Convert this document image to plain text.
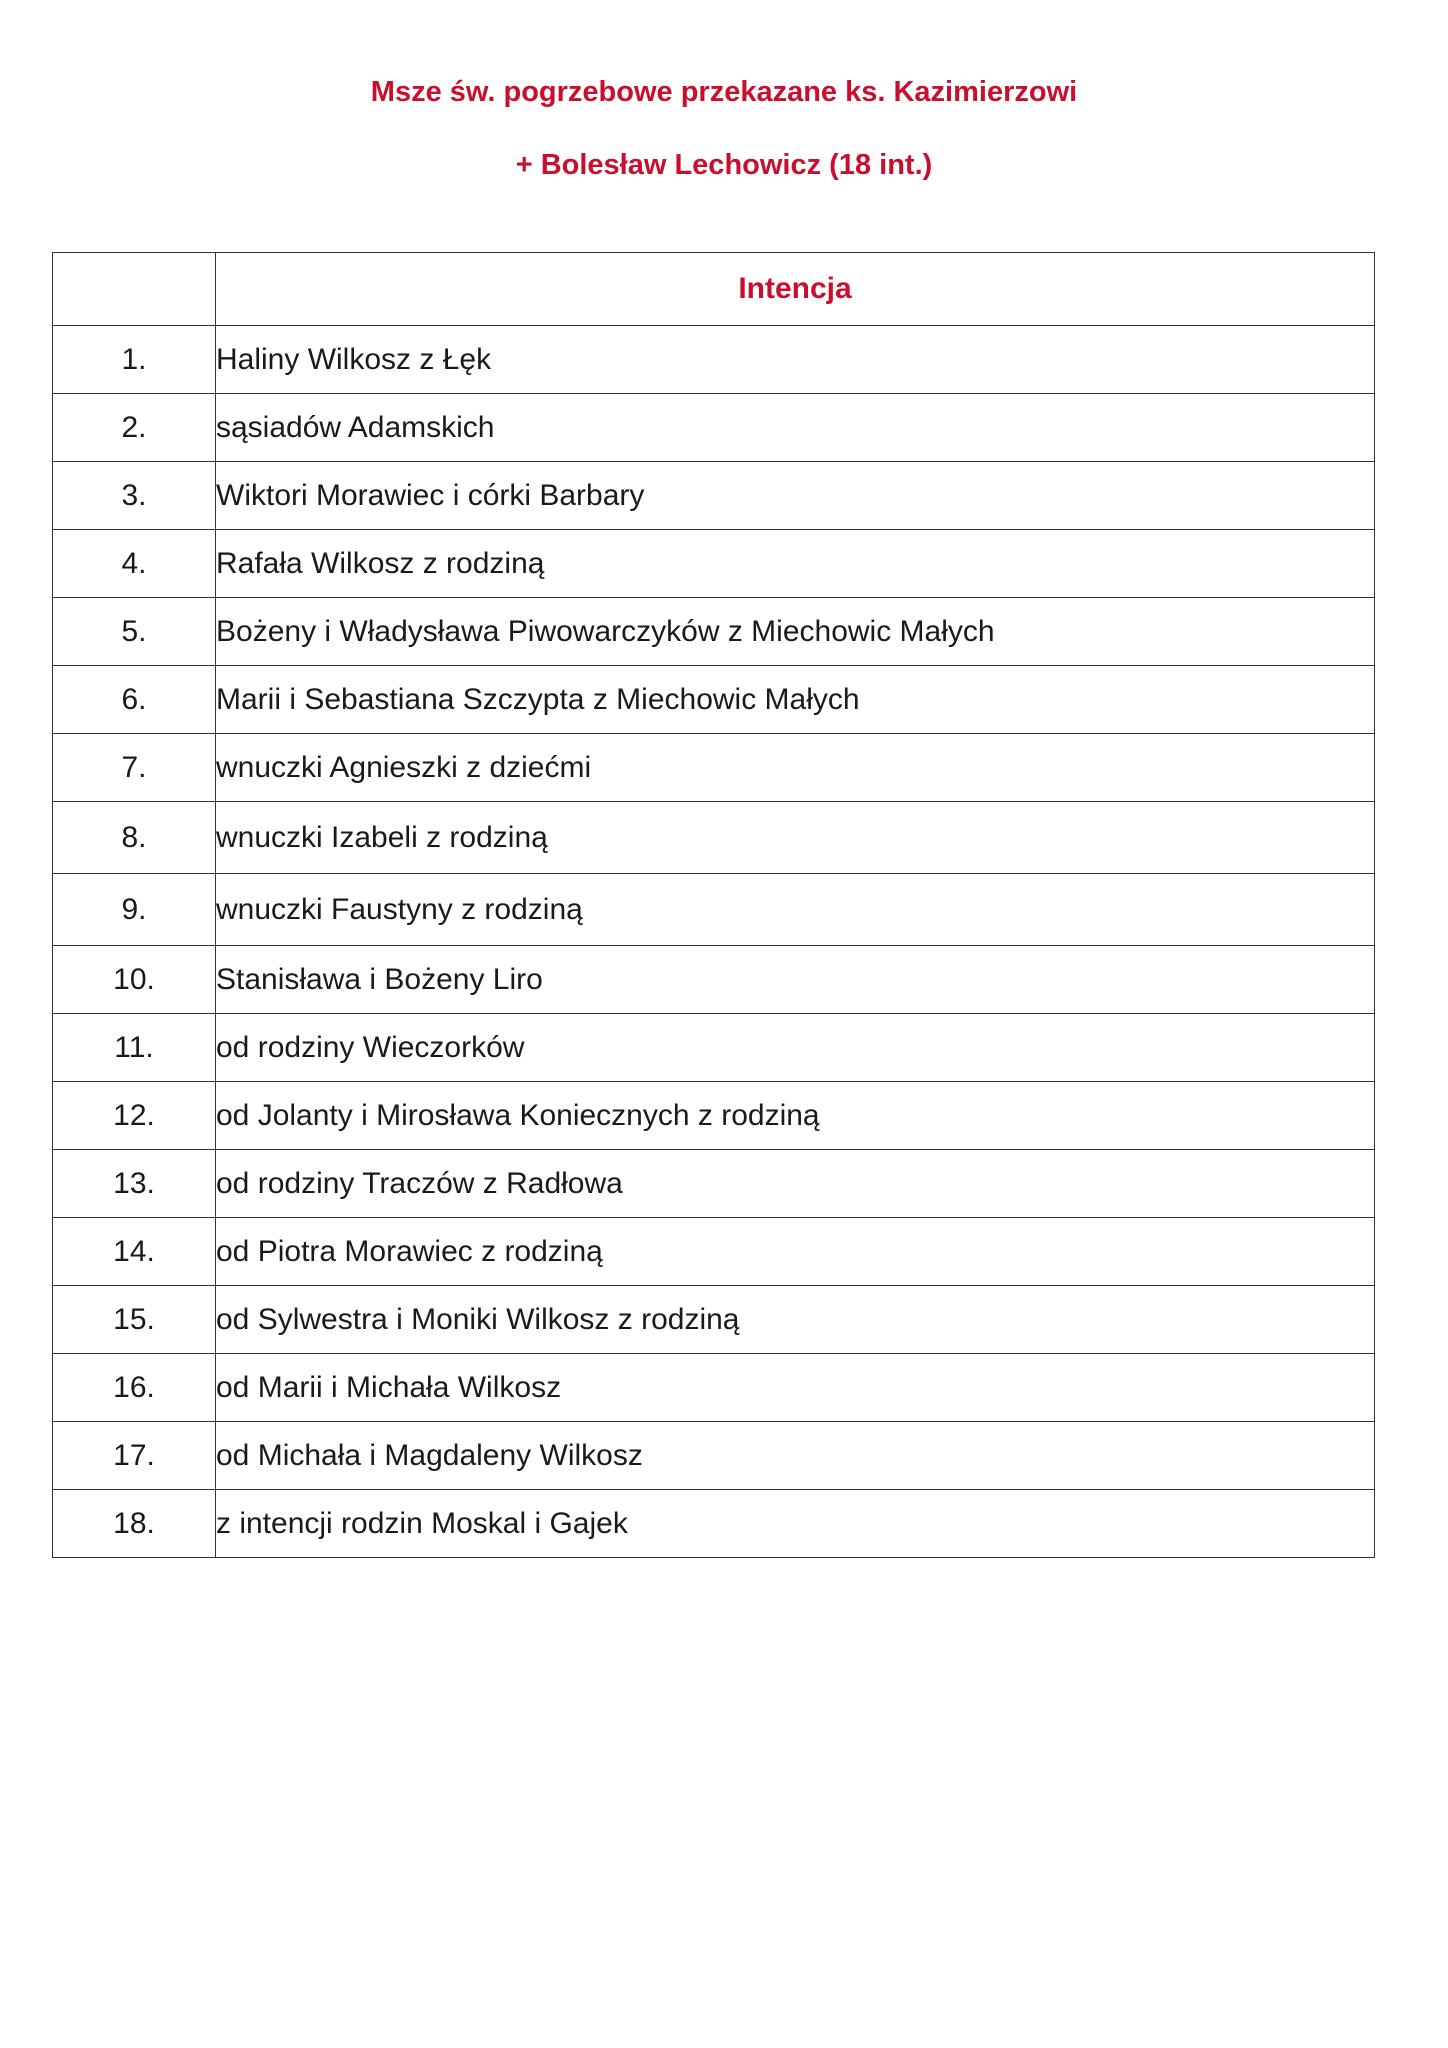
Msze św. pogrzebowe przekazane ks. Kazimierzowi
+ Bolesław Lechowicz (18 int.)
	Intencja
1.	Haliny Wilkosz z Łęk
2.	sąsiadów Adamskich
3.	Wiktori Morawiec i córki Barbary
4.	Rafała Wilkosz z rodziną
5.	Bożeny i Władysława Piwowarczyków z Miechowic Małych
6.	Marii i Sebastiana Szczypta z Miechowic Małych
7.	wnuczki Agnieszki z dziećmi
8.	wnuczki Izabeli z rodziną
9.	wnuczki Faustyny z rodziną
10.	Stanisława i Bożeny Liro
11.	od rodziny Wieczorków
12.	od Jolanty i Mirosława Koniecznych z rodziną
13.	od rodziny Traczów z Radłowa
14.	od Piotra Morawiec z rodziną
15.	od Sylwestra i Moniki Wilkosz z rodziną
16.	od Marii i Michała Wilkosz
17.	od Michała i Magdaleny Wilkosz
18.	z intencji rodzin Moskal i Gajek
